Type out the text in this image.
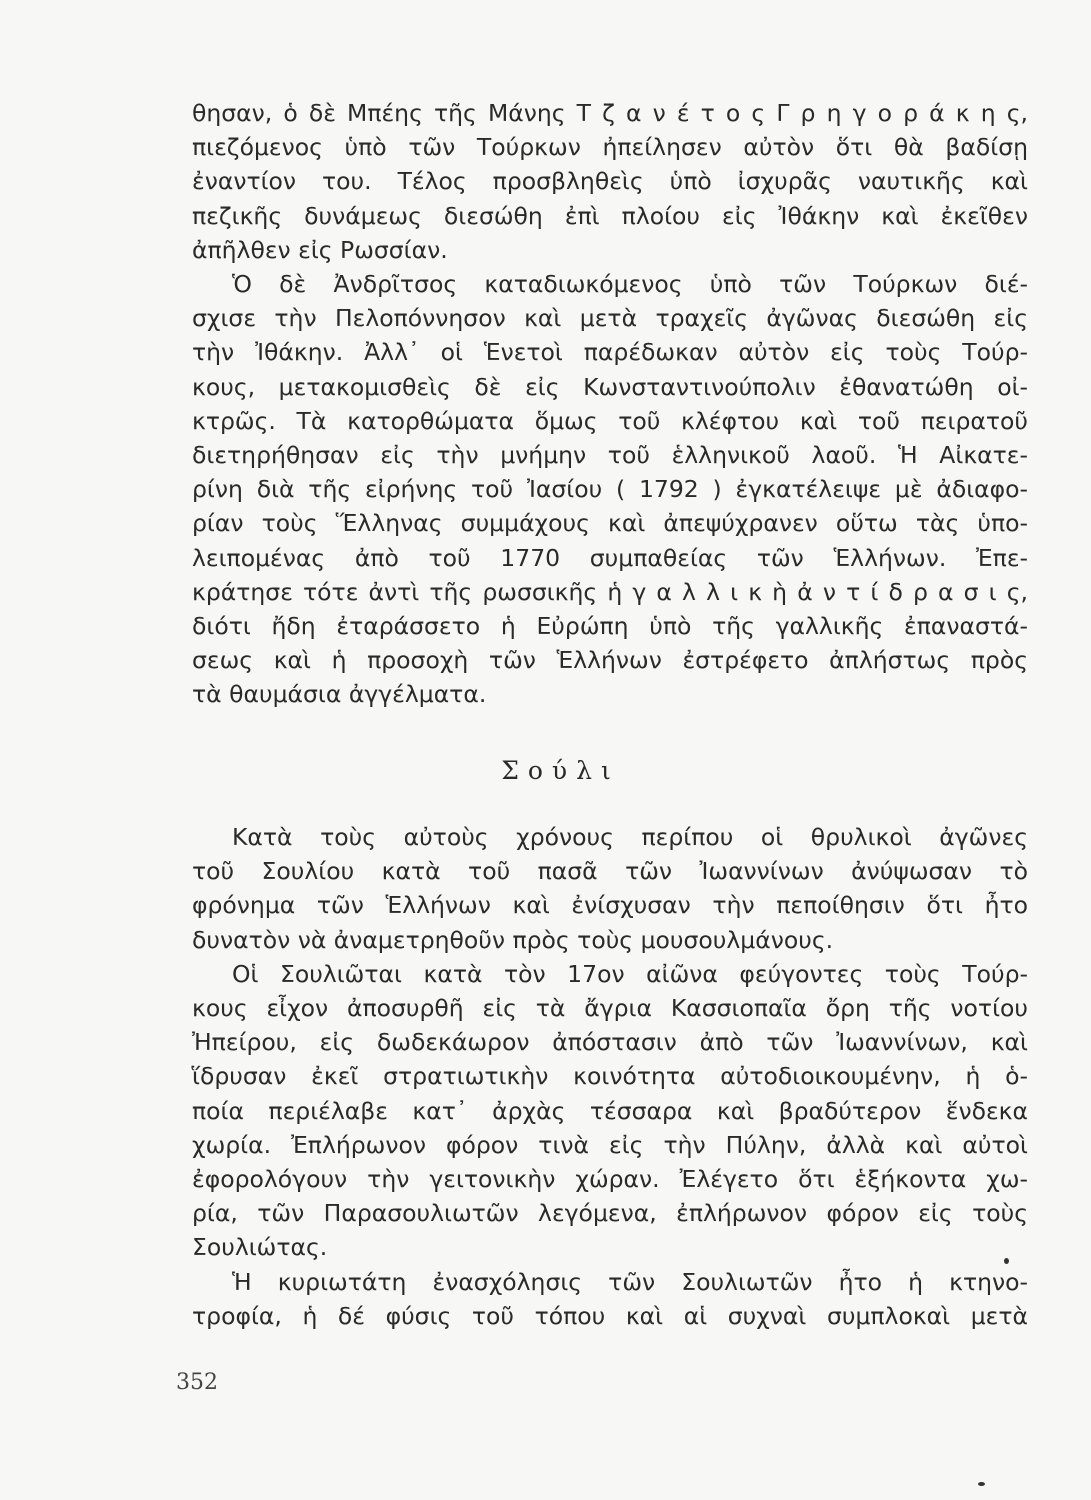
θησαν, ὁ δὲ Μπέης τῆς Μάνης Τ ζ α ν έ τ ο ς Γ ρ η γ ο ρ ά κ η ς,
πιεζόμενος ὑπὸ τῶν Τούρκων ἠπείλησεν αὐτὸν ὅτι θὰ βαδίσῃ
ἐναντίον του. Τέλος προσβληθεὶς ὑπὸ ἰσχυρᾶς ναυτικῆς καὶ
πεζικῆς δυνάμεως διεσώθη ἐπὶ πλοίου εἰς Ἰθάκην καὶ ἐκεῖθεν
ἀπῆλθεν εἰς Ρωσσίαν.
Ὁ δὲ Ἀνδρῖτσος καταδιωκόμενος ὑπὸ τῶν Τούρκων διέ-
σχισε τὴν Πελοπόννησον καὶ μετὰ τραχεῖς ἀγῶνας διεσώθη εἰς
τὴν Ἰθάκην. Ἀλλ᾽ οἱ Ἑνετοὶ παρέδωκαν αὐτὸν εἰς τοὺς Τούρ-
κους, μετακομισθεὶς δὲ εἰς Κωνσταντινούπολιν ἐθανατώθη οἰ-
κτρῶς. Τὰ κατορθώματα ὅμως τοῦ κλέφτου καὶ τοῦ πειρατοῦ
διετηρήθησαν εἰς τὴν μνήμην τοῦ ἑλληνικοῦ λαοῦ. Ἡ Αἰκατε-
ρίνη διὰ τῆς εἰρήνης τοῦ Ἰασίου ( 1792 ) ἐγκατέλειψε μὲ ἀδιαφο-
ρίαν τοὺς Ἕλληνας συμμάχους καὶ ἀπεψύχρανεν οὕτω τὰς ὑπο-
λειπομένας ἀπὸ τοῦ 1770 συμπαθείας τῶν Ἑλλήνων. Ἐπε-
κράτησε τότε ἀντὶ τῆς ρωσσικῆς ἡ γ α λ λ ι κ ὴ ἀ ν τ ί δ ρ α σ ι ς,
διότι ἤδη ἐταράσσετο ἡ Εὐρώπη ὑπὸ τῆς γαλλικῆς ἐπαναστά-
σεως καὶ ἡ προσοχὴ τῶν Ἑλλήνων ἐστρέφετο ἀπλήστως πρὸς
τὰ θαυμάσια ἀγγέλματα.
Σούλι
Κατὰ τοὺς αὐτοὺς χρόνους περίπου οἱ θρυλικοὶ ἀγῶνες
τοῦ Σουλίου κατὰ τοῦ πασᾶ τῶν Ἰωαννίνων ἀνύψωσαν τὸ
φρόνημα τῶν Ἑλλήνων καὶ ἐνίσχυσαν τὴν πεποίθησιν ὅτι ἦτο
δυνατὸν νὰ ἀναμετρηθοῦν πρὸς τοὺς μουσουλμάνους.
Οἱ Σουλιῶται κατὰ τὸν 17ον αἰῶνα φεύγοντες τοὺς Τούρ-
κους εἶχον ἀποσυρθῆ εἰς τὰ ἄγρια Κασσιοπαῖα ὄρη τῆς νοτίου
Ἠπείρου, εἰς δωδεκάωρον ἀπόστασιν ἀπὸ τῶν Ἰωαννίνων, καὶ
ἵδρυσαν ἐκεῖ στρατιωτικὴν κοινότητα αὐτοδιοικουμένην, ἡ ὁ-
ποία περιέλαβε κατ᾽ ἀρχὰς τέσσαρα καὶ βραδύτερον ἕνδεκα
χωρία. Ἐπλήρωνον φόρον τινὰ εἰς τὴν Πύλην, ἀλλὰ καὶ αὐτοὶ
ἐφορολόγουν τὴν γειτονικὴν χώραν. Ἐλέγετο ὅτι ἑξήκοντα χω-
ρία, τῶν Παρασουλιωτῶν λεγόμενα, ἐπλήρωνον φόρον εἰς τοὺς
Σουλιώτας.
Ἡ κυριωτάτη ἐνασχόλησις τῶν Σουλιωτῶν ἦτο ἡ κτηνο-
τροφία, ἡ δέ φύσις τοῦ τόπου καὶ αἱ συχναὶ συμπλοκαὶ μετὰ
352
